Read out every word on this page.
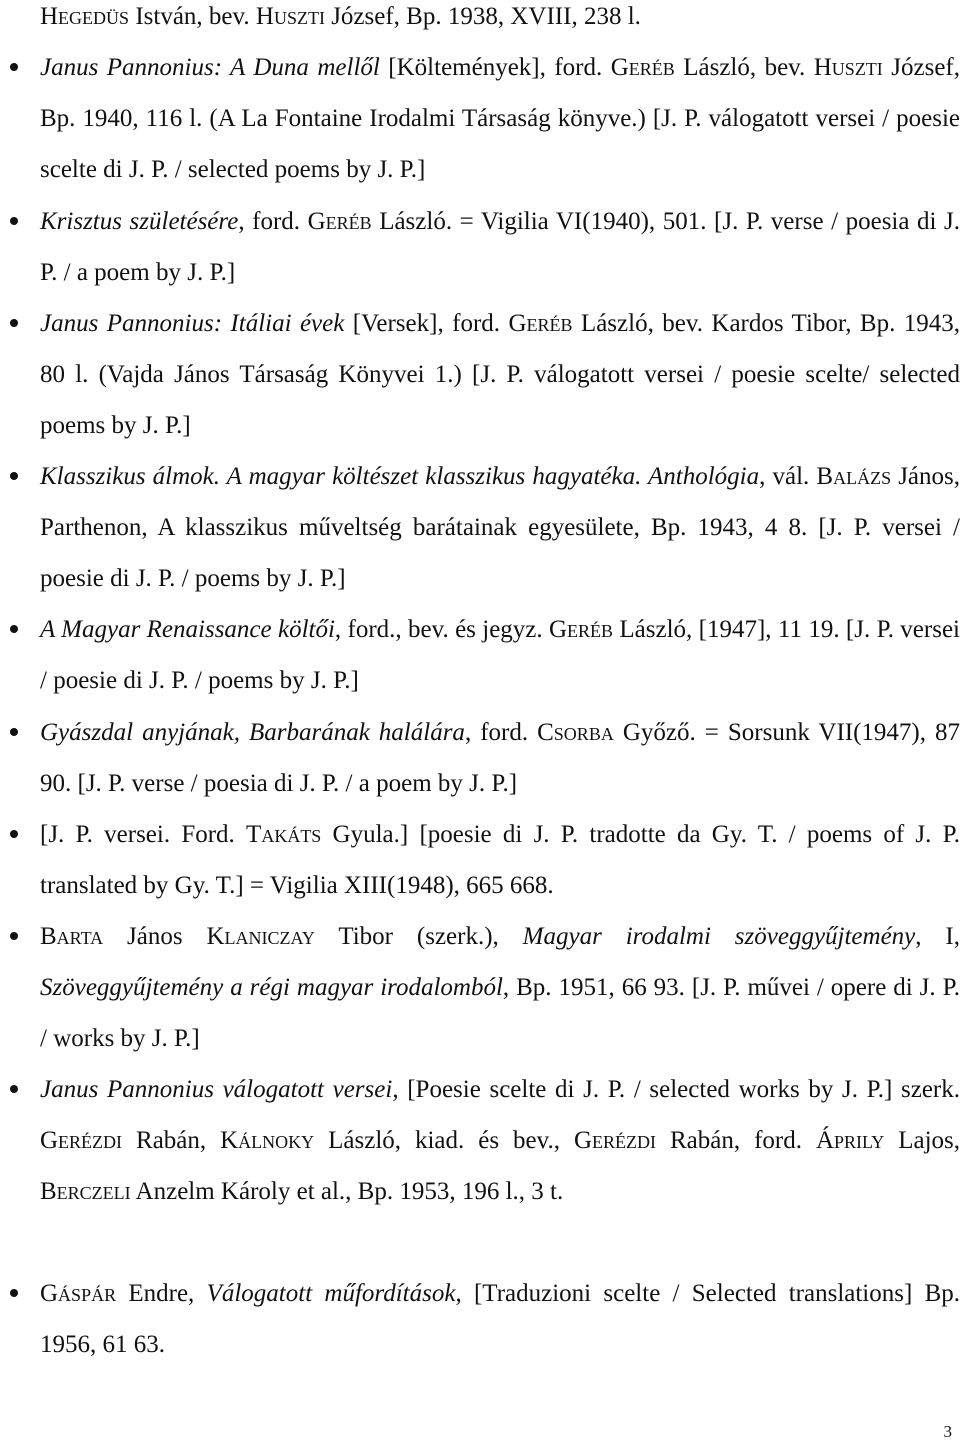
Hegedüs István, bev. Huszti József, Bp. 1938, XVIII, 238 l.

Janus Pannonius: A Duna mellől [Költemények], ford. Geréb László, bev. Huszti József, Bp. 1940, 116 l. (A La Fontaine Irodalmi Társaság könyve.) [J. P. válogatott versei / poesie scelte di J. P. / selected poems by J. P.]

Krisztus születésére, ford. Geréb László. = Vigilia VI(1940), 501. [J. P. verse / poesia di J. P. / a poem by J. P.]

Janus Pannonius: Itáliai évek [Versek], ford. Geréb László, bev. Kardos Tibor, Bp. 1943, 80 l. (Vajda János Társaság Könyvei 1.) [J. P. válogatott versei / poesie scelte/ selected poems by J. P.]

Klasszikus álmok. A magyar költészet klasszikus hagyatéka. Anthológia, vál. Balázs János, Parthenon, A klasszikus műveltség barátainak egyesülete, Bp. 1943, 4 8. [J. P. versei / poesie di J. P. / poems by J. P.]

A Magyar Renaissance költői, ford., bev. és jegyz. Geréb László, [1947], 11 19. [J. P. versei / poesie di J. P. / poems by J. P.]

Gyászdal anyjának, Barbarának halálára, ford. Csorba Győző. = Sorsunk VII(1947), 87 90. [J. P. verse / poesia di J. P. / a poem by J. P.]

[J. P. versei. Ford. Takáts Gyula.] [poesie di J. P. tradotte da Gy. T. / poems of J. P. translated by Gy. T.] = Vigilia XIII(1948), 665 668.

Barta János Klaniczay Tibor (szerk.), Magyar irodalmi szöveggyűjtemény, I, Szöveggyűjtemény a régi magyar irodalomból, Bp. 1951, 66 93. [J. P. művei / opere di J. P. / works by J. P.]

Janus Pannonius válogatott versei, [Poesie scelte di J. P. / selected works by J. P.] szerk. Gerézdi Rabán, Kálnoky László, kiad. és bev., Gerézdi Rabán, ford. Áprily Lajos, Berczeli Anzelm Károly et al., Bp. 1953, 196 l., 3 t.

Gáspár Endre, Válogatott műfordítások, [Traduzioni scelte / Selected translations] Bp. 1956, 61 63.

3
